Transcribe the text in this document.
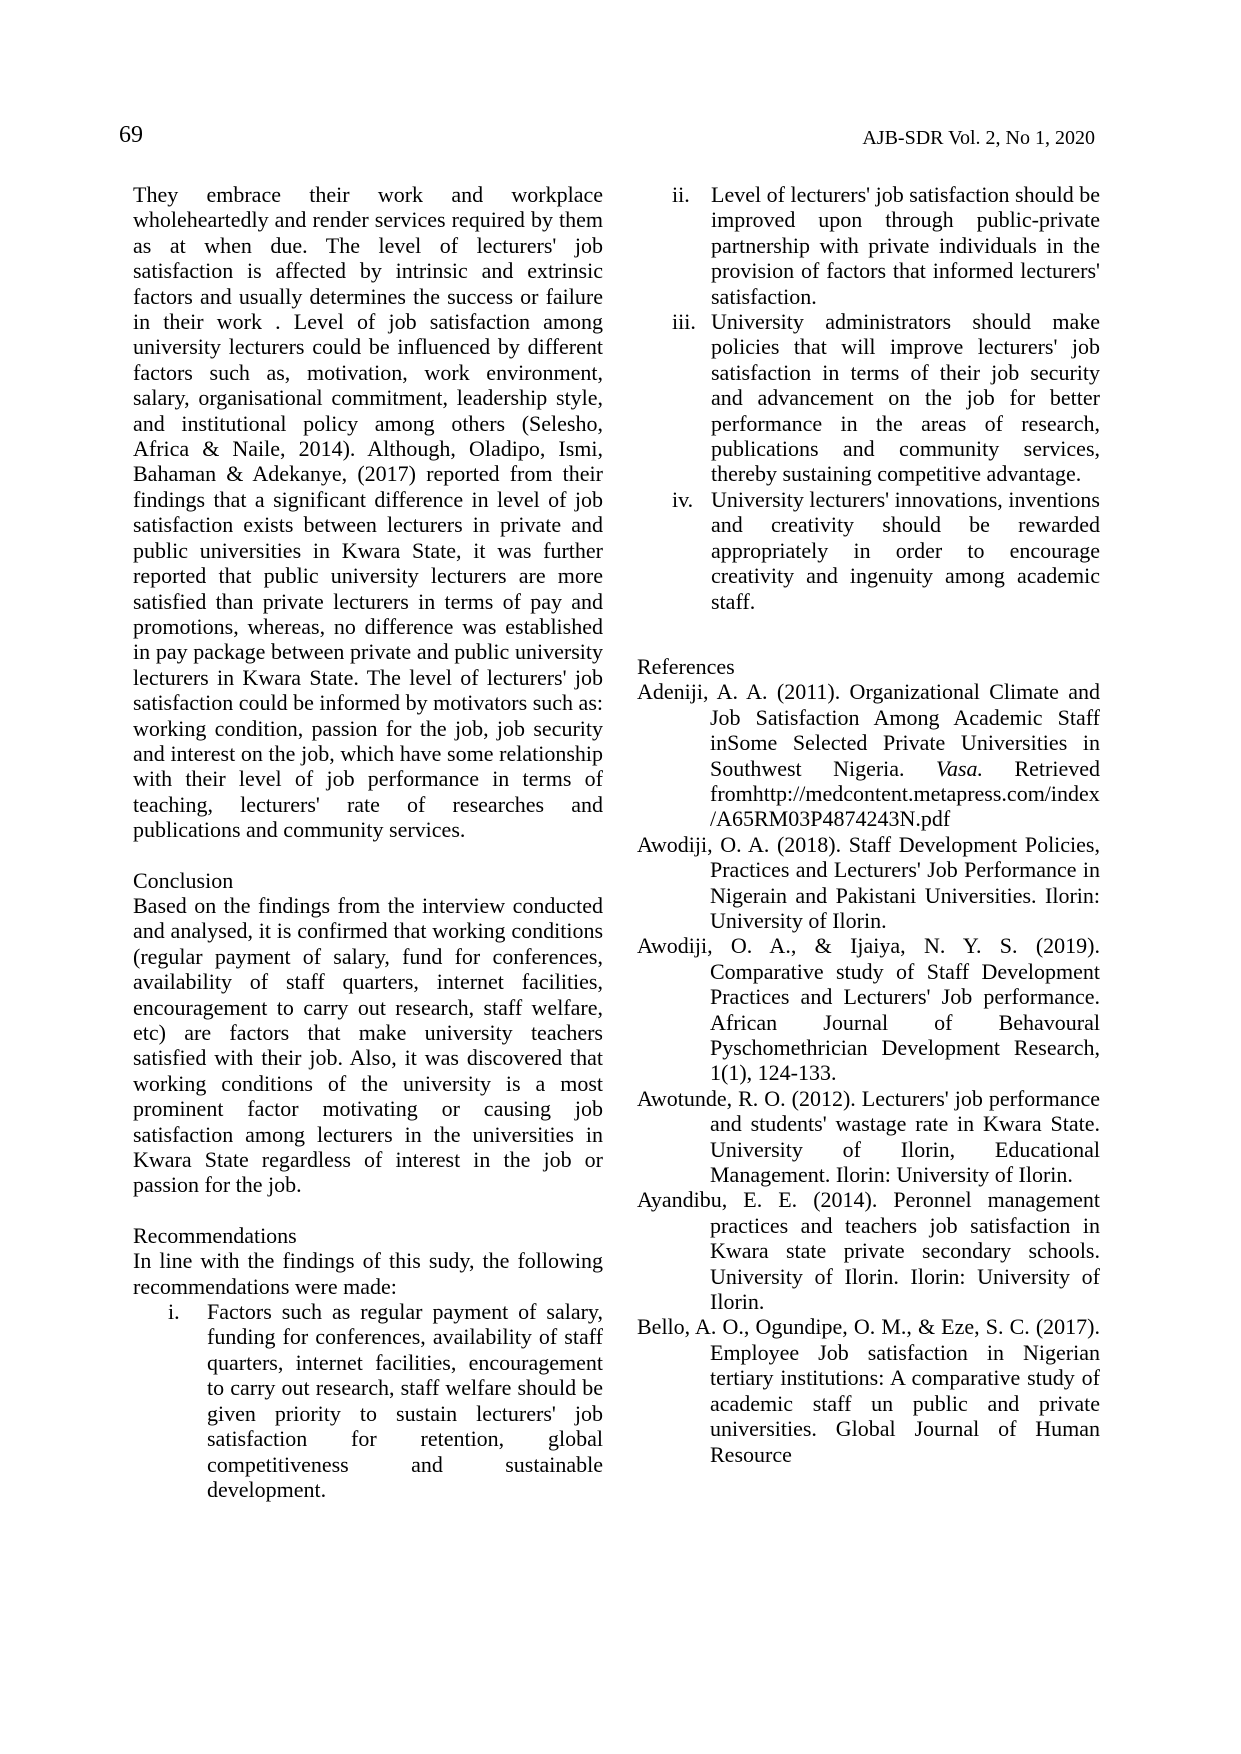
69	AJB-SDR Vol. 2, No 1, 2020

They embrace their work and workplace wholeheartedly and render services required by them as at when due. The level of lecturers' job satisfaction is affected by intrinsic and extrinsic factors and usually determines the success or failure in their work . Level of job satisfaction among university lecturers could be influenced by different factors such as, motivation, work environment, salary, organisational commitment, leadership style, and institutional policy among others (Selesho, Africa & Naile, 2014). Although, Oladipo, Ismi, Bahaman & Adekanye, (2017) reported from their findings that a significant difference in level of job satisfaction exists between lecturers in private and public universities in Kwara State, it was further reported that public university lecturers are more satisfied than private lecturers in terms of pay and promotions, whereas, no difference was established in pay package between private and public university lecturers in Kwara State. The level of lecturers' job satisfaction could be informed by motivators such as: working condition, passion for the job, job security and interest on the job, which have some relationship with their level of job performance in terms of teaching, lecturers' rate of researches and publications and community services.

Conclusion

Based on the findings from the interview conducted and analysed, it is confirmed that working conditions (regular payment of salary, fund for conferences, availability of staff quarters, internet facilities, encouragement to carry out research, staff welfare, etc) are factors that make university teachers satisfied with their job. Also, it was discovered that working conditions of the university is a most prominent factor motivating or causing job satisfaction among lecturers in the universities in Kwara State regardless of interest in the job or passion for the job.

Recommendations

In line with the findings of this sudy, the following recommendations were made:

i. Factors such as regular payment of salary, funding for conferences, availability of staff quarters, internet facilities, encouragement to carry out research, staff welfare should be given priority to sustain lecturers' job satisfaction for retention, global competitiveness and sustainable development.
ii. Level of lecturers' job satisfaction should be improved upon through public-private partnership with private individuals in the provision of factors that informed lecturers' satisfaction.
iii. University administrators should make policies that will improve lecturers' job satisfaction in terms of their job security and advancement on the job for better performance in the areas of research, publications and community services, thereby sustaining competitive advantage.
iv. University lecturers' innovations, inventions and creativity should be rewarded appropriately in order to encourage creativity and ingenuity among academic staff.
References

Adeniji, A. A. (2011). Organizational Climate and Job Satisfaction Among Academic Staff inSome Selected Private Universities in Southwest Nigeria. Vasa. Retrieved fromhttp://medcontent.metapress.com/index/A65RM03P4874243N.pdf

Awodiji, O. A. (2018). Staff Development Policies, Practices and Lecturers' Job Performance in Nigerain and Pakistani Universities. Ilorin: University of Ilorin.

Awodiji, O. A., & Ijaiya, N. Y. S. (2019). Comparative study of Staff Development Practices and Lecturers' Job performance. African Journal of Behavoural Pyschomethrician Development Research, 1(1), 124-133.

Awotunde, R. O. (2012). Lecturers' job performance and students' wastage rate in Kwara State. University of Ilorin, Educational Management. Ilorin: University of Ilorin.

Ayandibu, E. E. (2014). Peronnel management practices and teachers job satisfaction in Kwara state private secondary schools. University of Ilorin. Ilorin: University of Ilorin.

Bello, A. O., Ogundipe, O. M., & Eze, S. C. (2017). Employee Job satisfaction in Nigerian tertiary institutions: A comparative study of academic staff un public and private universities. Global Journal of Human Resource
